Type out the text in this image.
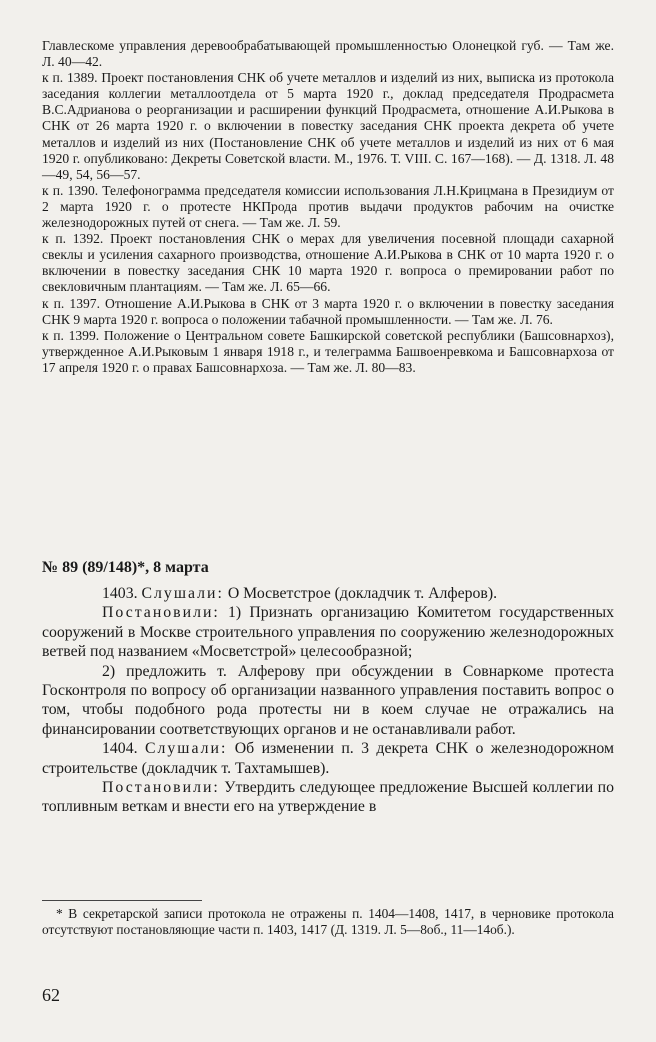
Главлескоме управления деревообрабатывающей промышленностью Олонецкой губ. — Там же. Л. 40—42.

к п. 1389. Проект постановления СНК об учете металлов и изделий из них, выписка из протокола заседания коллегии металлоотдела от 5 марта 1920 г., доклад председателя Продрасмета В.С.Адрианова о реорганизации и расширении функций Продрасмета, отношение А.И.Рыкова в СНК от 26 марта 1920 г. о включении в повестку заседания СНК проекта декрета об учете металлов и изделий из них (Постановление СНК об учете металлов и изделий из них от 6 мая 1920 г. опубликовано: Декреты Советской власти. М., 1976. Т. VIII. С. 167—168). — Д. 1318. Л. 48—49, 54, 56—57.

к п. 1390. Телефонограмма председателя комиссии использования Л.Н.Крицмана в Президиум от 2 марта 1920 г. о протесте НКПрода против выдачи продуктов рабочим на очистке железнодорожных путей от снега. — Там же. Л. 59.

к п. 1392. Проект постановления СНК о мерах для увеличения посевной площади сахарной свеклы и усиления сахарного производства, отношение А.И.Рыкова в СНК от 10 марта 1920 г. о включении в повестку заседания СНК 10 марта 1920 г. вопроса о премировании работ по свекловичным плантациям. — Там же. Л. 65—66.

к п. 1397. Отношение А.И.Рыкова в СНК от 3 марта 1920 г. о включении в повестку заседания СНК 9 марта 1920 г. вопроса о положении табачной промышленности. — Там же. Л. 76.

к п. 1399. Положение о Центральном совете Башкирской советской республики (Башсовнархоз), утвержденное А.И.Рыковым 1 января 1918 г., и телеграмма Башвоенревкома и Башсовнархоза от 17 апреля 1920 г. о правах Башсовнархоза. — Там же. Л. 80—83.

№ 89 (89/148)*, 8 марта

1403. Слушали: О Мосветстрое (докладчик т. Алферов).

Постановили: 1) Признать организацию Комитетом государственных сооружений в Москве строительного управления по сооружению железнодорожных ветвей под названием «Мосветстрой» целесообразной;

2) предложить т. Алферову при обсуждении в Совнаркоме протеста Госконтроля по вопросу об организации названного управления поставить вопрос о том, чтобы подобного рода протесты ни в коем случае не отражались на финансировании соответствующих органов и не останавливали работ.

1404. Слушали: Об изменении п. 3 декрета СНК о железнодорожном строительстве (докладчик т. Тахтамышев).

Постановили: Утвердить следующее предложение Высшей коллегии по топливным веткам и внести его на утверждение в

* В секретарской записи протокола не отражены п. 1404—1408, 1417, в черновике протокола отсутствуют постановляющие части п. 1403, 1417 (Д. 1319. Л. 5—8об., 11—14об.).

62
